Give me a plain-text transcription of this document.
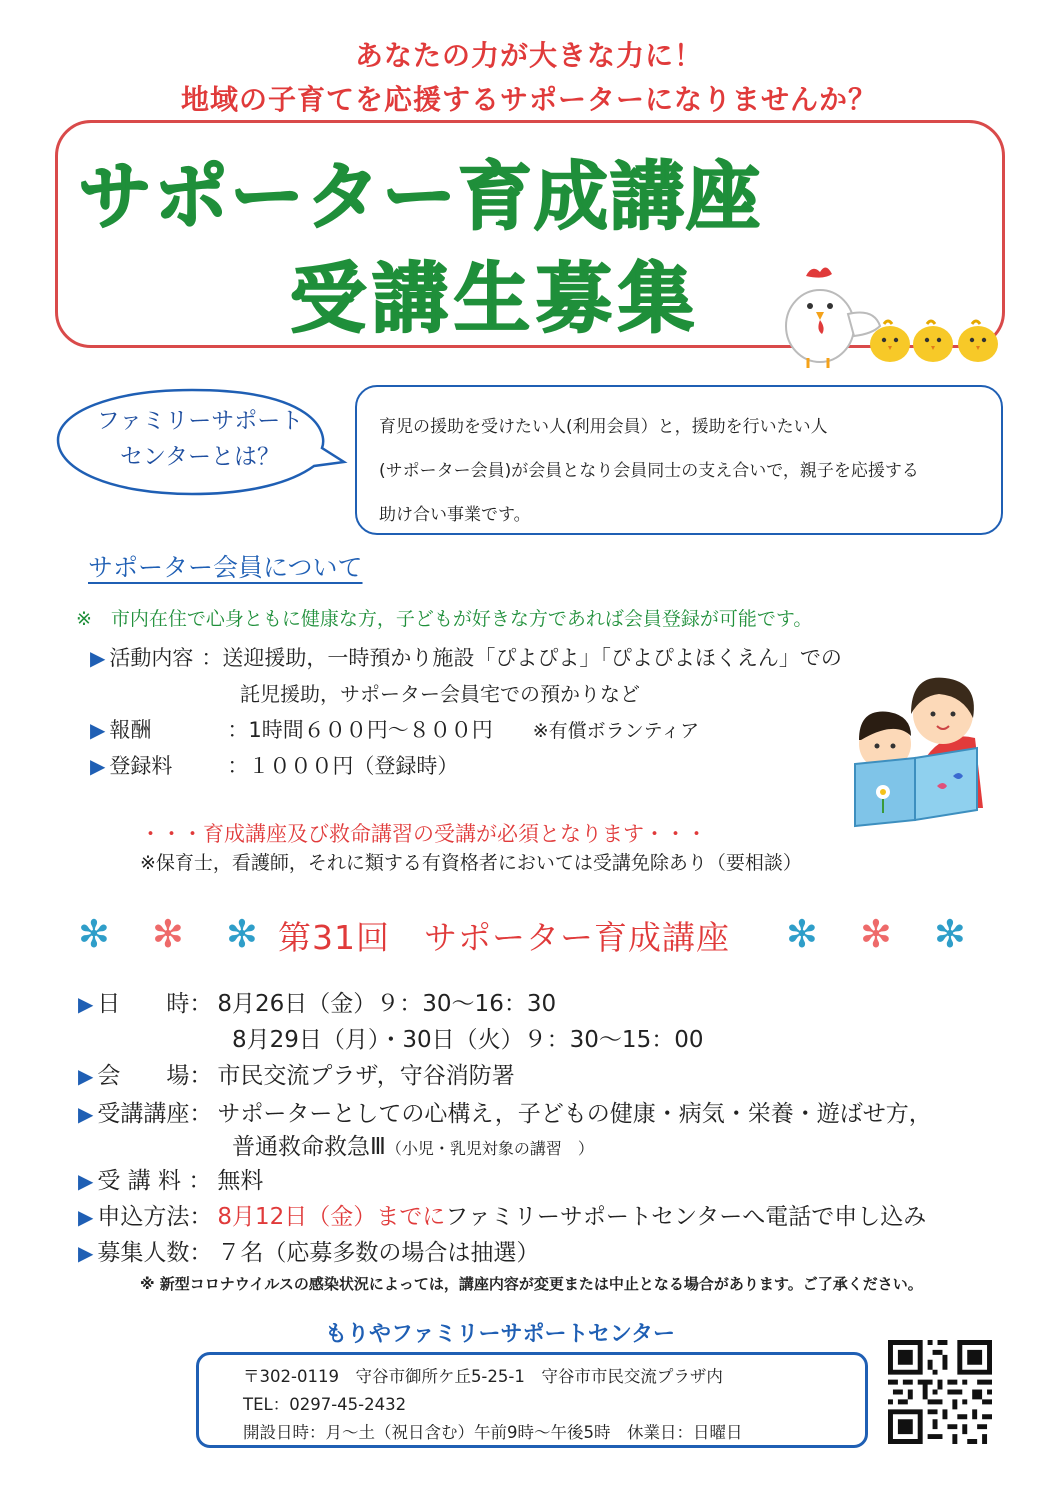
あなたの力が大きな力に！
地域の子育てを応援するサポーターになりませんか？
サポーター育成講座
受講生募集
ファミリーサポート
センターとは？
育児の援助を受けたい人(利用会員）と，援助を行いたい人
(サポーター会員)が会員となり会員同士の支え合いで，親子を応援する
助け合い事業です。
サポーター会員について
※　市内在住で心身ともに健康な方，子どもが好きな方であれば会員登録が可能です。
▶ 活動内容 ：送迎援助，一時預かり施設「ぴよぴよ」「ぴよぴよほくえん」での
託児援助，サポーター会員宅での預かりなど
▶ 報酬	：1時間６００円～８００円 ※有償ボランティア
▶ 登録料	：１０００円（登録時）
・・・育成講座及び救命講習の受講が必須となります・・・
※保育士，看護師，それに類する有資格者においては受講免除あり（要相談）
✻ ✻ ✻ 第31回　サポーター育成講座 ✻ ✻ ✻
▶ 日　　時： 8月26日（金）９：30～16：30
8月29日（月）・30日（火）９：30～15：00
▶ 会　　場： 市民交流プラザ，守谷消防署
▶ 受講講座： サポーターとしての心構え，子どもの健康・病気・栄養・遊ばせ方，
普通救命救急Ⅲ（小児・乳児対象の講習　）
▶ 受 講 料 ： 無料
▶ 申込方法： 8月12日（金）までにファミリーサポートセンターへ電話で申し込み
▶ 募集人数： ７名（応募多数の場合は抽選）
※ 新型コロナウイルスの感染状況によっては，講座内容が変更または中止となる場合があります。ご了承ください。
もりやファミリーサポートセンター
〒302-0119　守谷市御所ケ丘5-25-1　守谷市市民交流プラザ内
TEL：0297-45-2432
開設日時：月～土（祝日含む）午前9時～午後5時　休業日：日曜日
